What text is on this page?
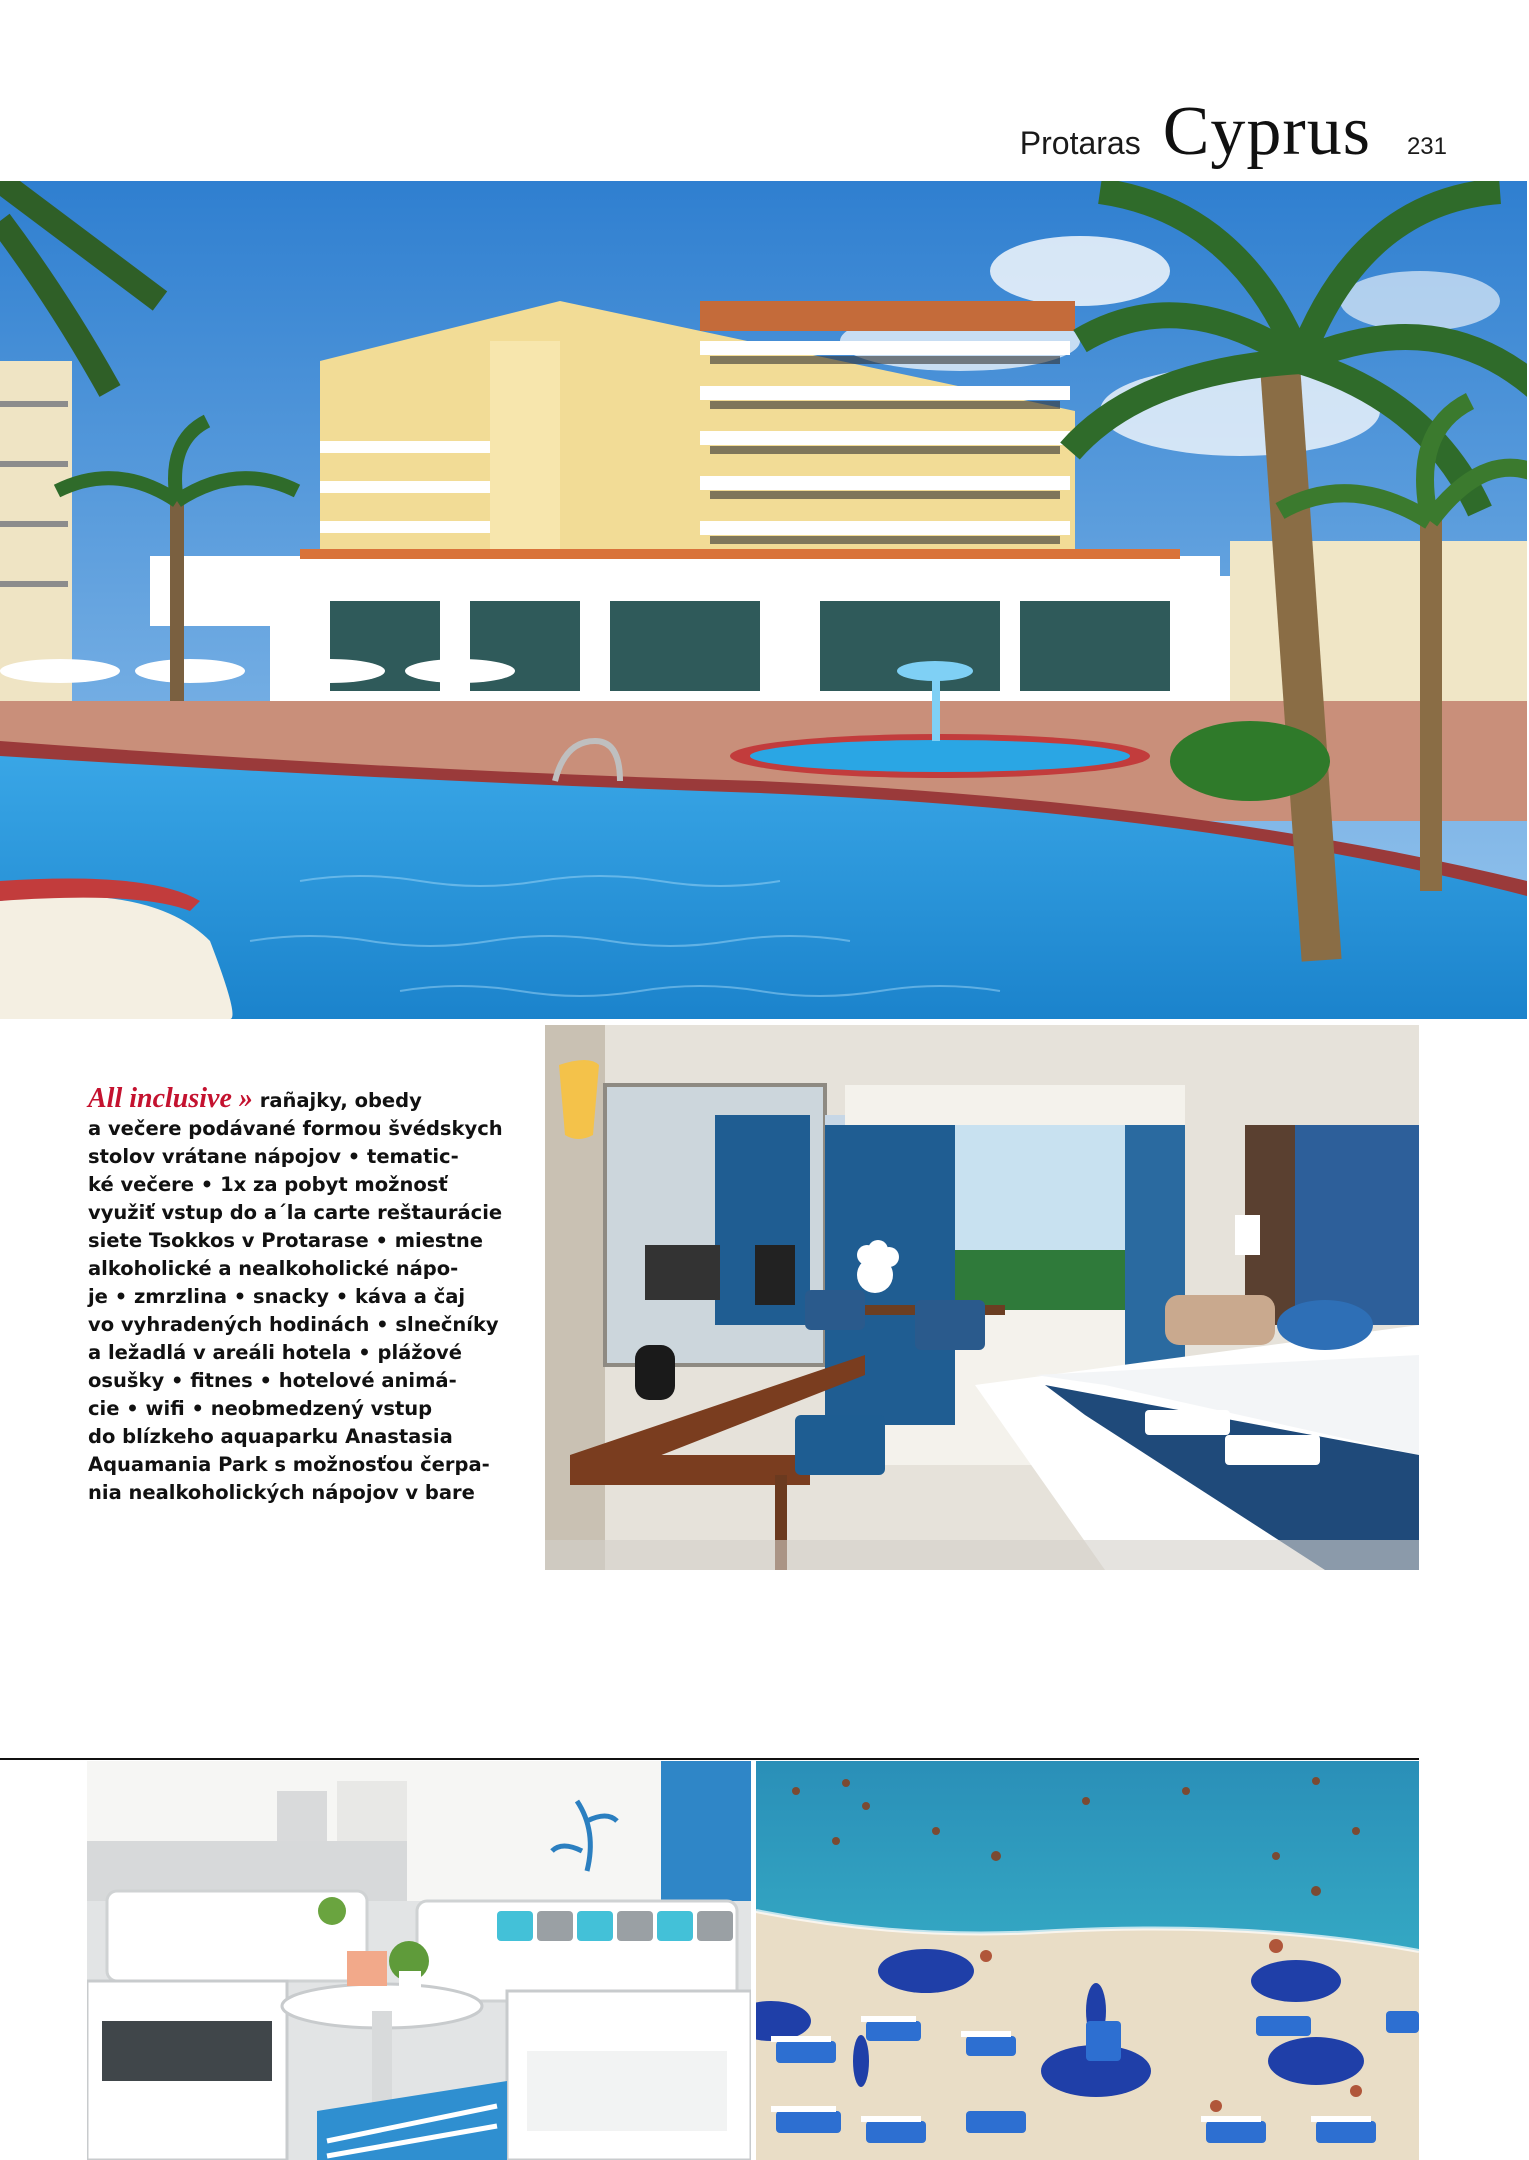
Protaras Cyprus 231
All inclusive » rañajky, obedy
a večere podávané formou švédskych
stolov vrátane nápojov • tematic-
ké večere • 1x za pobyt možnosť
využiť vstup do a´la carte reštaurácie
siete Tsokkos v Protarase • miestne
alkoholické a nealkoholické nápo-
je • zmrzlina • snacky • káva a čaj
vo vyhradených hodinách • slnečníky
a ležadlá v areáli hotela • plážové
osušky • fitnes • hotelové animá-
cie • wifi • neobmedzený vstup
do blízkeho aquaparku Anastasia
Aquamania Park s možnosťou čerpa-
nia nealkoholických nápojov v bare
